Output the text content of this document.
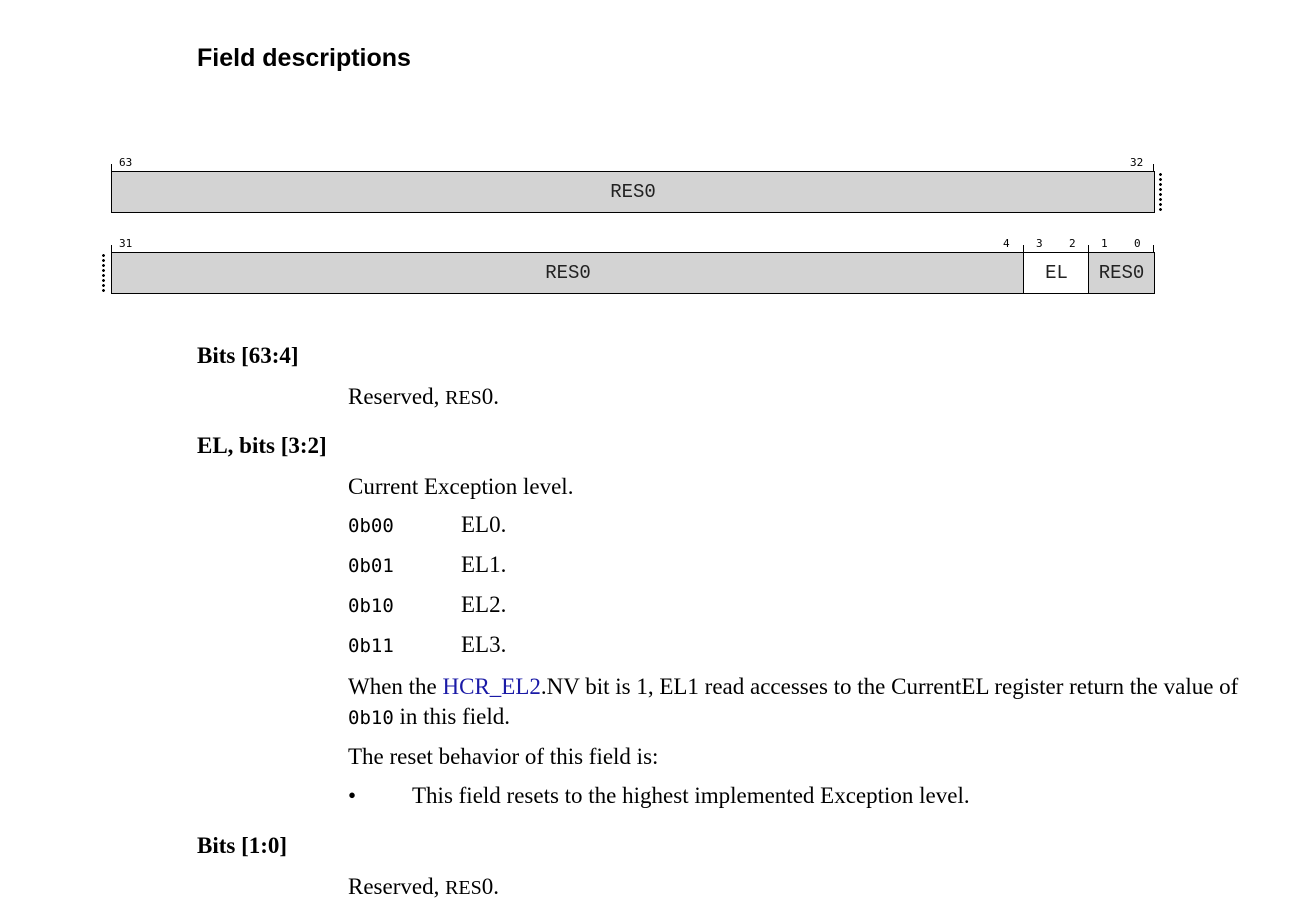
Field descriptions
63	32
RES0
31	4 3 2 1 0
RES0	EL	RES0
Bits [63:4]
Reserved, RES0.
EL, bits [3:2]
Current Exception level.
0b00	EL0.
0b01	EL1.
0b10	EL2.
0b11	EL3.
When the HCR_EL2.NV bit is 1, EL1 read accesses to the CurrentEL register return the value of
0b10 in this field.
The reset behavior of this field is:
• This field resets to the highest implemented Exception level.
Bits [1:0]
Reserved, RES0.
